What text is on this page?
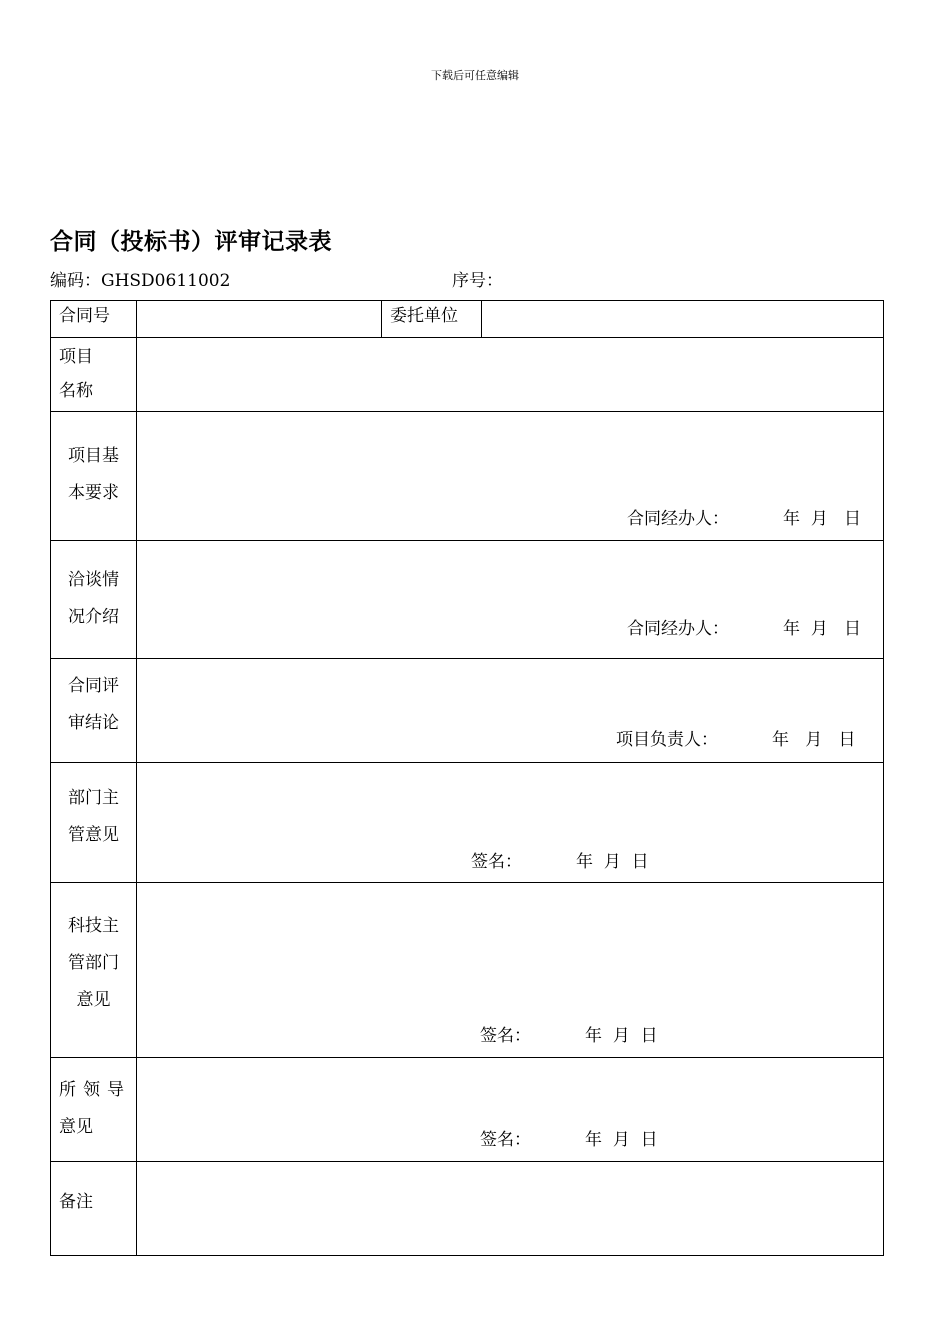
下载后可任意编辑
合同（投标书）评审记录表
编码：GHSD0611002	序号：
合同号		委托单位	

项目
名称			

项目基
本要求	合同经办人：          年  月   日		

洽谈情
况介绍	合同经办人：          年  月   日		

合同评
审结论	项目负责人：          年   月   日		

部门主
管意见	签名：          年  月  日		

科技主
管部门
意见	签名：          年  月  日		

所领导
意见	签名：          年  月  日		

备注			
